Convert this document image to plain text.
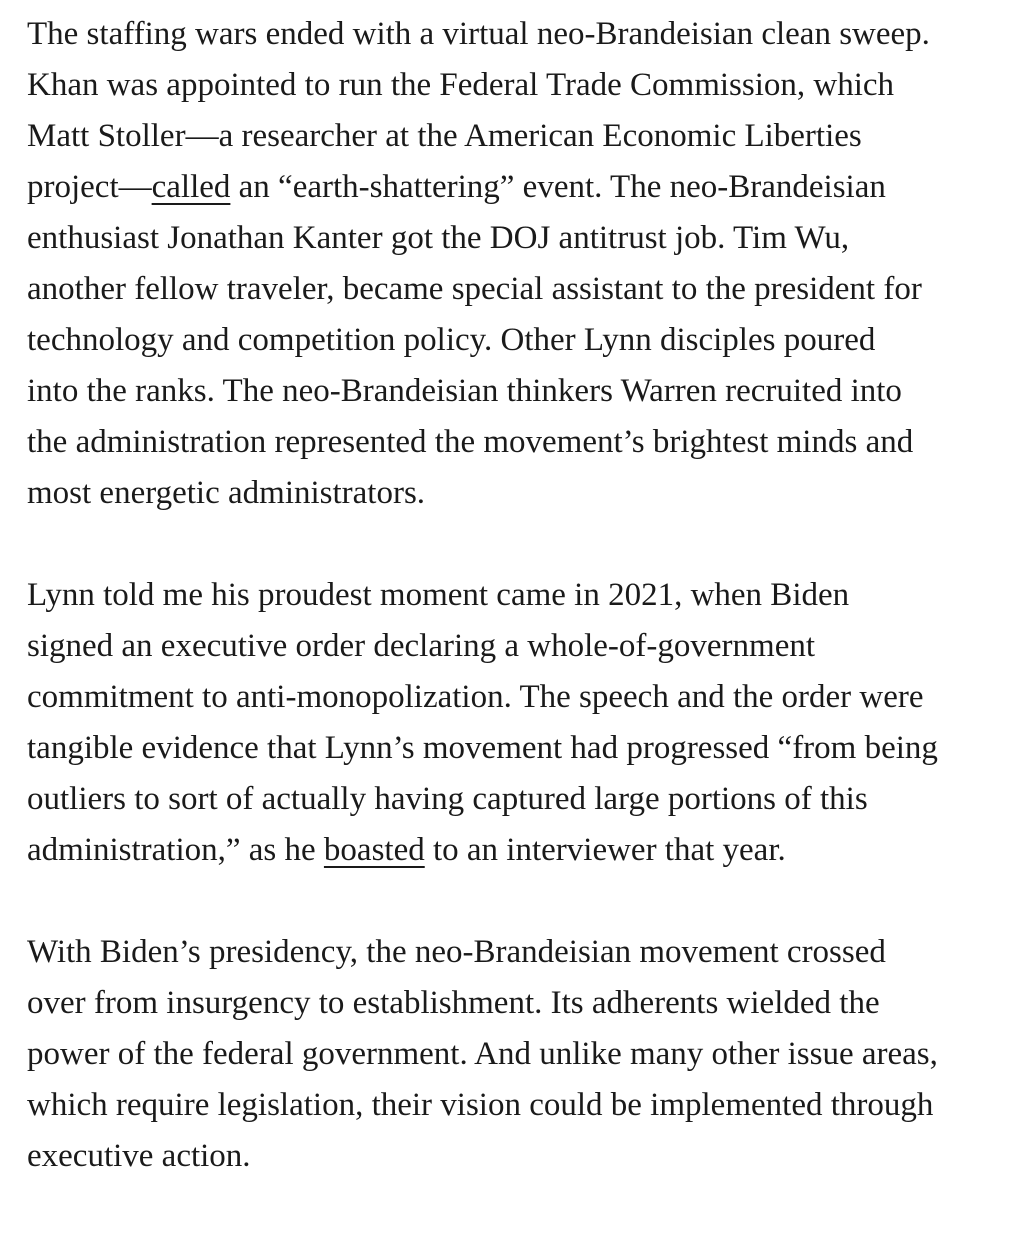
The staffing wars ended with a virtual neo-Brandeisian clean sweep.
Khan was appointed to run the Federal Trade Commission, which
Matt Stoller—a researcher at the American Economic Liberties
project—called an “earth-shattering” event. The neo-Brandeisian
enthusiast Jonathan Kanter got the DOJ antitrust job. Tim Wu,
another fellow traveler, became special assistant to the president for
technology and competition policy. Other Lynn disciples poured
into the ranks. The neo-Brandeisian thinkers Warren recruited into
the administration represented the movement’s brightest minds and
most energetic administrators.

Lynn told me his proudest moment came in 2021, when Biden
signed an executive order declaring a whole-of-government
commitment to anti-monopolization. The speech and the order were
tangible evidence that Lynn’s movement had progressed “from being
outliers to sort of actually having captured large portions of this
administration,” as he boasted to an interviewer that year.

With Biden’s presidency, the neo-Brandeisian movement crossed
over from insurgency to establishment. Its adherents wielded the
power of the federal government. And unlike many other issue areas,
which require legislation, their vision could be implemented through
executive action.
